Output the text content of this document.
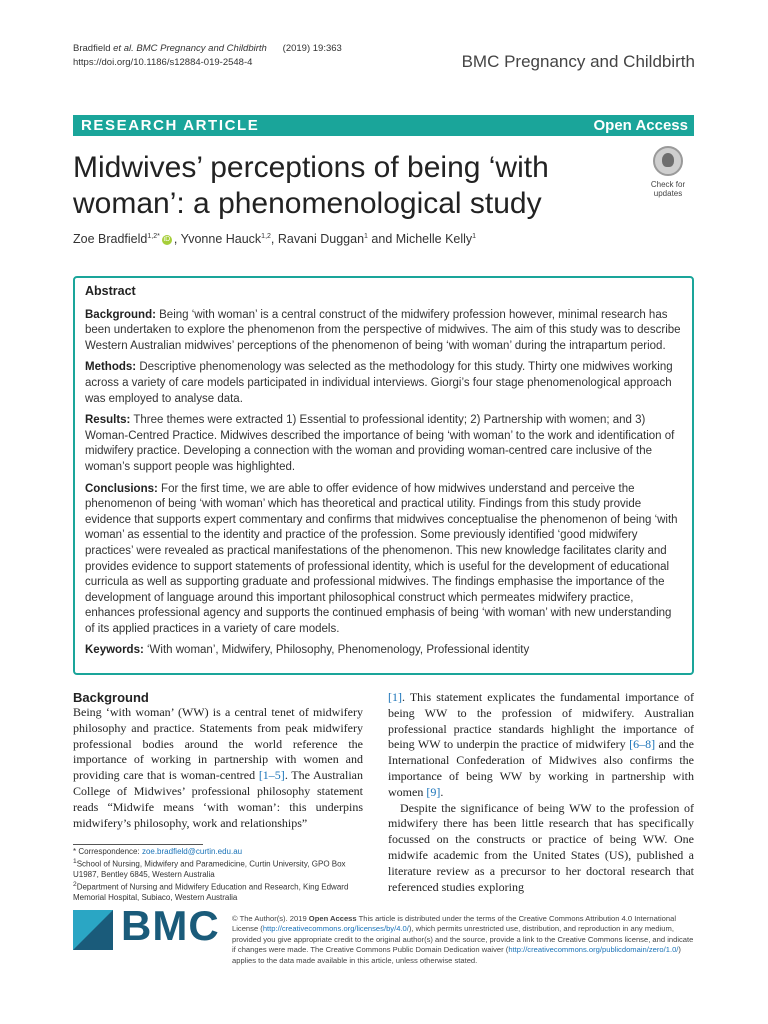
Bradfield et al. BMC Pregnancy and Childbirth (2019) 19:363
https://doi.org/10.1186/s12884-019-2548-4	BMC Pregnancy and Childbirth
RESEARCH ARTICLE	Open Access
Midwives’ perceptions of being ‘with woman’: a phenomenological study
Check for
updates
Zoe Bradfield$^{1,2*}$ iD , Yvonne Hauck$^{1,2}$, Ravani Duggan$^1$ and Michelle Kelly$^1$
Abstract

Background: Being ‘with woman’ is a central construct of the midwifery profession however, minimal research has been undertaken to explore the phenomenon from the perspective of midwives. The aim of this study was to describe Western Australian midwives’ perceptions of the phenomenon of being ‘with woman’ during the intrapartum period.

Methods: Descriptive phenomenology was selected as the methodology for this study. Thirty one midwives working across a variety of care models participated in individual interviews. Giorgi’s four stage phenomenological approach was employed to analyse data.

Results: Three themes were extracted 1) Essential to professional identity; 2) Partnership with women; and 3) Woman-Centred Practice. Midwives described the importance of being ‘with woman’ to the work and identification of midwifery practice. Developing a connection with the woman and providing woman-centred care inclusive of the woman’s support people was highlighted.

Conclusions: For the first time, we are able to offer evidence of how midwives understand and perceive the phenomenon of being ‘with woman’ which has theoretical and practical utility. Findings from this study provide evidence that supports expert commentary and confirms that midwives conceptualise the phenomenon of being ‘with woman’ as essential to the identity and practice of the profession. Some previously identified ‘good midwifery practices’ were revealed as practical manifestations of the phenomenon. This new knowledge facilitates clarity and provides evidence to support statements of professional identity, which is useful for the development of educational curricula as well as supporting graduate and professional midwives. The findings emphasise the importance of the development of language around this important philosophical construct which permeates midwifery practice, enhances professional agency and supports the continued emphasis of being ‘with woman’ with new understanding of its applied practices in a variety of care models.

Keywords: ‘With woman’, Midwifery, Philosophy, Phenomenology, Professional identity

Background

Being ‘with woman’ (WW) is a central tenet of midwifery philosophy and practice. Statements from peak midwifery professional bodies around the world reference the importance of working in partnership with women and providing care that is woman-centred [1–5]. The Australian College of Midwives’ professional philosophy statement reads “Midwife means ‘with woman’: this underpins midwifery’s philosophy, work and relationships”

[1]. This statement explicates the fundamental importance of being WW to the profession of midwifery. Australian professional practice standards highlight the importance of being WW to underpin the practice of midwifery [6–8] and the International Confederation of Midwives also confirms the importance of being WW by working in partnership with women [9].

Despite the significance of being WW to the profession of midwifery there has been little research that has specifically focussed on the constructs or practice of being WW. One midwife academic from the United States (US), published a literature review as a precursor to her doctoral research that referenced studies exploring

* Correspondence: zoe.bradfield@curtin.edu.au
$^1$School of Nursing, Midwifery and Paramedicine, Curtin University, GPO Box U1987, Bentley 6845, Western Australia
$^2$Department of Nursing and Midwifery Education and Research, King Edward Memorial Hospital, Subiaco, Western Australia
BMC © The Author(s). 2019 Open Access This article is distributed under the terms of the Creative Commons Attribution 4.0 International License (http://creativecommons.org/licenses/by/4.0/), which permits unrestricted use, distribution, and reproduction in any medium, provided you give appropriate credit to the original author(s) and the source, provide a link to the Creative Commons license, and indicate if changes were made. The Creative Commons Public Domain Dedication waiver (http://creativecommons.org/publicdomain/zero/1.0/) applies to the data made available in this article, unless otherwise stated.
